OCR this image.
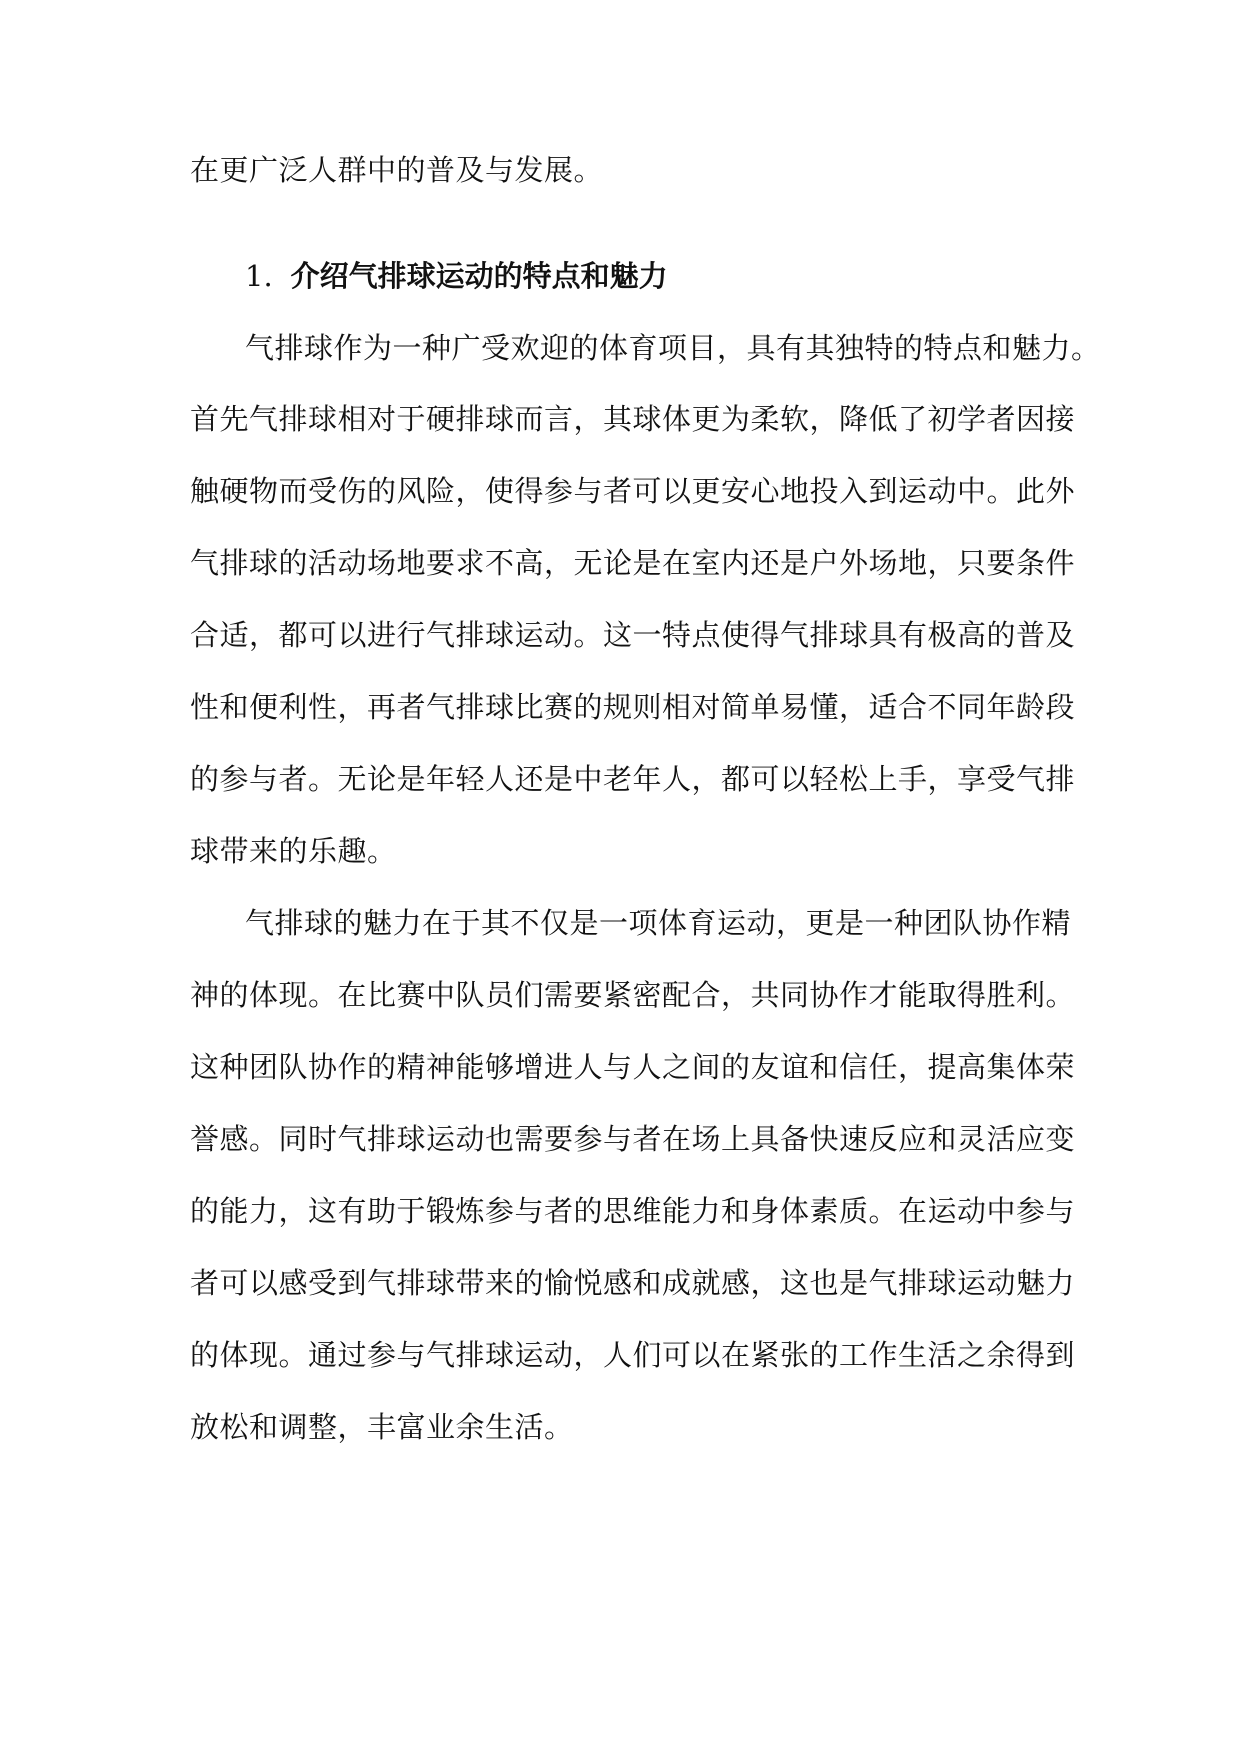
在更广泛人群中的普及与发展。
1. 介绍气排球运动的特点和魅力
气排球作为一种广受欢迎的体育项目，具有其独特的特点和魅力。
首先气排球相对于硬排球而言，其球体更为柔软，降低了初学者因接
触硬物而受伤的风险，使得参与者可以更安心地投入到运动中。此外
气排球的活动场地要求不高，无论是在室内还是户外场地，只要条件
合适，都可以进行气排球运动。这一特点使得气排球具有极高的普及
性和便利性，再者气排球比赛的规则相对简单易懂，适合不同年龄段
的参与者。无论是年轻人还是中老年人，都可以轻松上手，享受气排
球带来的乐趣。
气排球的魅力在于其不仅是一项体育运动，更是一种团队协作精
神的体现。在比赛中队员们需要紧密配合，共同协作才能取得胜利。
这种团队协作的精神能够增进人与人之间的友谊和信任，提高集体荣
誉感。同时气排球运动也需要参与者在场上具备快速反应和灵活应变
的能力，这有助于锻炼参与者的思维能力和身体素质。在运动中参与
者可以感受到气排球带来的愉悦感和成就感，这也是气排球运动魅力
的体现。通过参与气排球运动，人们可以在紧张的工作生活之余得到
放松和调整，丰富业余生活。
